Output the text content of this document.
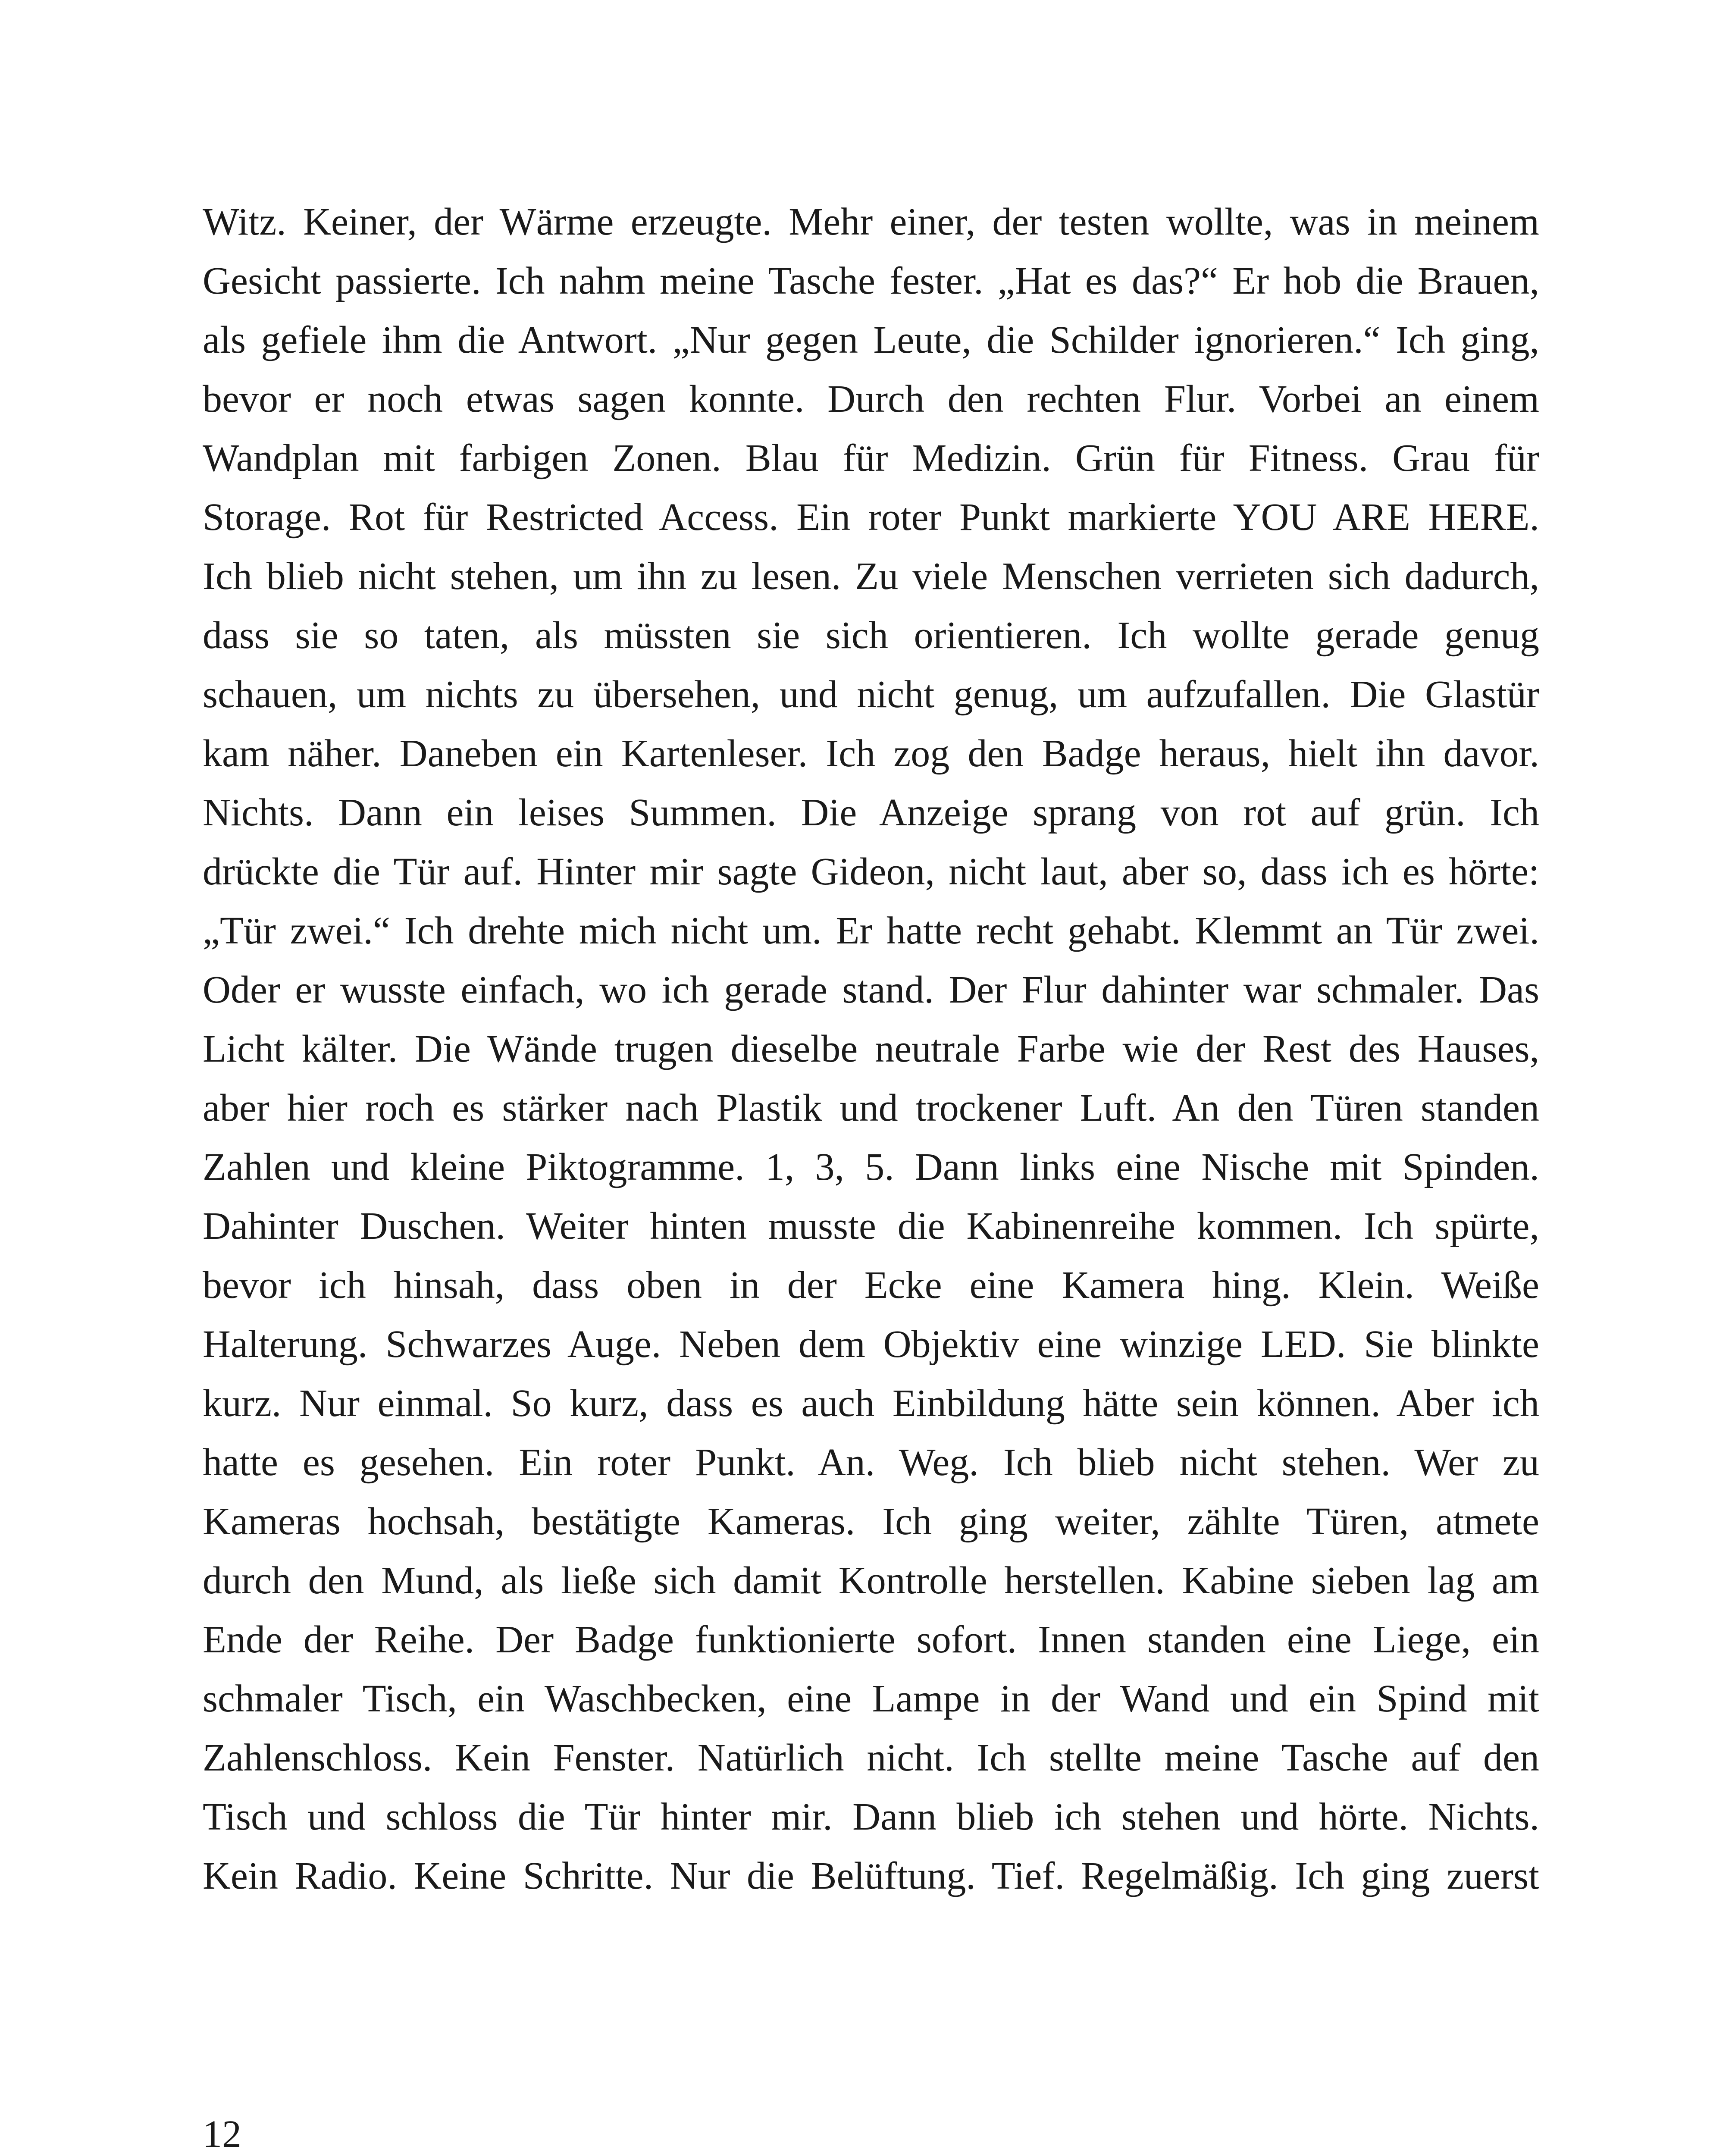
Witz. Keiner, der Wärme erzeugte. Mehr einer, der testen wollte, was in meinem
Gesicht passierte. Ich nahm meine Tasche fester. „Hat es das?“ Er hob die Brauen,
als gefiele ihm die Antwort. „Nur gegen Leute, die Schilder ignorieren.“ Ich ging,
bevor er noch etwas sagen konnte. Durch den rechten Flur. Vorbei an einem
Wandplan mit farbigen Zonen. Blau für Medizin. Grün für Fitness. Grau für
Storage. Rot für Restricted Access. Ein roter Punkt markierte YOU ARE HERE.
Ich blieb nicht stehen, um ihn zu lesen. Zu viele Menschen verrieten sich dadurch,
dass sie so taten, als müssten sie sich orientieren. Ich wollte gerade genug
schauen, um nichts zu übersehen, und nicht genug, um aufzufallen. Die Glastür
kam näher. Daneben ein Kartenleser. Ich zog den Badge heraus, hielt ihn davor.
Nichts. Dann ein leises Summen. Die Anzeige sprang von rot auf grün. Ich
drückte die Tür auf. Hinter mir sagte Gideon, nicht laut, aber so, dass ich es hörte:
„Tür zwei.“ Ich drehte mich nicht um. Er hatte recht gehabt. Klemmt an Tür zwei.
Oder er wusste einfach, wo ich gerade stand. Der Flur dahinter war schmaler. Das
Licht kälter. Die Wände trugen dieselbe neutrale Farbe wie der Rest des Hauses,
aber hier roch es stärker nach Plastik und trockener Luft. An den Türen standen
Zahlen und kleine Piktogramme. 1, 3, 5. Dann links eine Nische mit Spinden.
Dahinter Duschen. Weiter hinten musste die Kabinenreihe kommen. Ich spürte,
bevor ich hinsah, dass oben in der Ecke eine Kamera hing. Klein. Weiße
Halterung. Schwarzes Auge. Neben dem Objektiv eine winzige LED. Sie blinkte
kurz. Nur einmal. So kurz, dass es auch Einbildung hätte sein können. Aber ich
hatte es gesehen. Ein roter Punkt. An. Weg. Ich blieb nicht stehen. Wer zu
Kameras hochsah, bestätigte Kameras. Ich ging weiter, zählte Türen, atmete
durch den Mund, als ließe sich damit Kontrolle herstellen. Kabine sieben lag am
Ende der Reihe. Der Badge funktionierte sofort. Innen standen eine Liege, ein
schmaler Tisch, ein Waschbecken, eine Lampe in der Wand und ein Spind mit
Zahlenschloss. Kein Fenster. Natürlich nicht. Ich stellte meine Tasche auf den
Tisch und schloss die Tür hinter mir. Dann blieb ich stehen und hörte. Nichts.
Kein Radio. Keine Schritte. Nur die Belüftung. Tief. Regelmäßig. Ich ging zuerst
12
